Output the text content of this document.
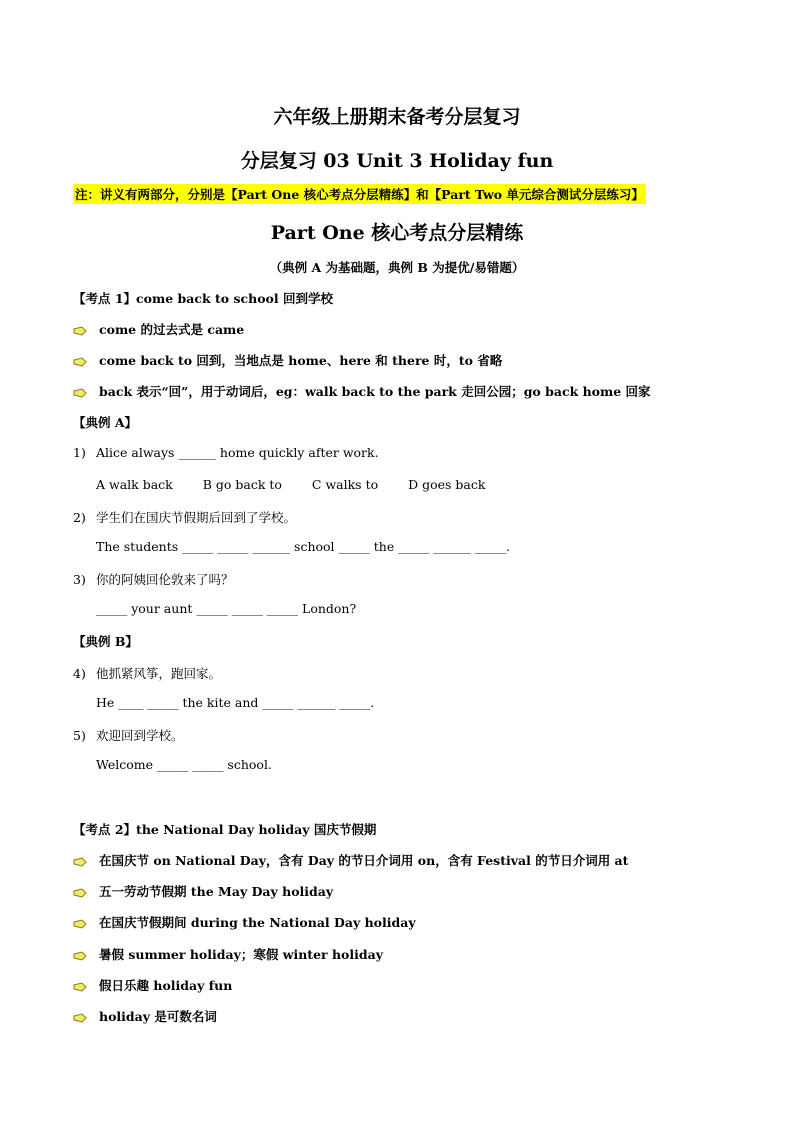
六年级上册期末备考分层复习
分层复习 03 Unit 3 Holiday fun
注：讲义有两部分，分别是【Part One 核心考点分层精练】和【Part Two 单元综合测试分层练习】
Part One 核心考点分层精练
（典例 A 为基础题，典例 B 为提优/易错题）
【考点 1】come back to school 回到学校
come 的过去式是 came
come back to 回到，当地点是 home、here 和 there 时，to 省略
back 表示“回”，用于动词后，eg：walk back to the park 走回公园；go back home 回家
【典例 A】
1) Alice always ______ home quickly after work.
A walk back B go back to C walks to D goes back
2) 学生们在国庆节假期后回到了学校。
The students _____ _____ ______ school _____ the _____ ______ _____.
3) 你的阿姨回伦敦来了吗？
_____ your aunt _____ _____ _____ London?
【典例 B】
4) 他抓紧风筝，跑回家。
He ____ _____ the kite and _____ ______ _____.
5) 欢迎回到学校。
Welcome _____ _____ school.
【考点 2】the National Day holiday 国庆节假期
在国庆节 on National Day，含有 Day 的节日介词用 on，含有 Festival 的节日介词用 at
五一劳动节假期 the May Day holiday
在国庆节假期间 during the National Day holiday
暑假 summer holiday；寒假 winter holiday
假日乐趣 holiday fun
holiday 是可数名词
